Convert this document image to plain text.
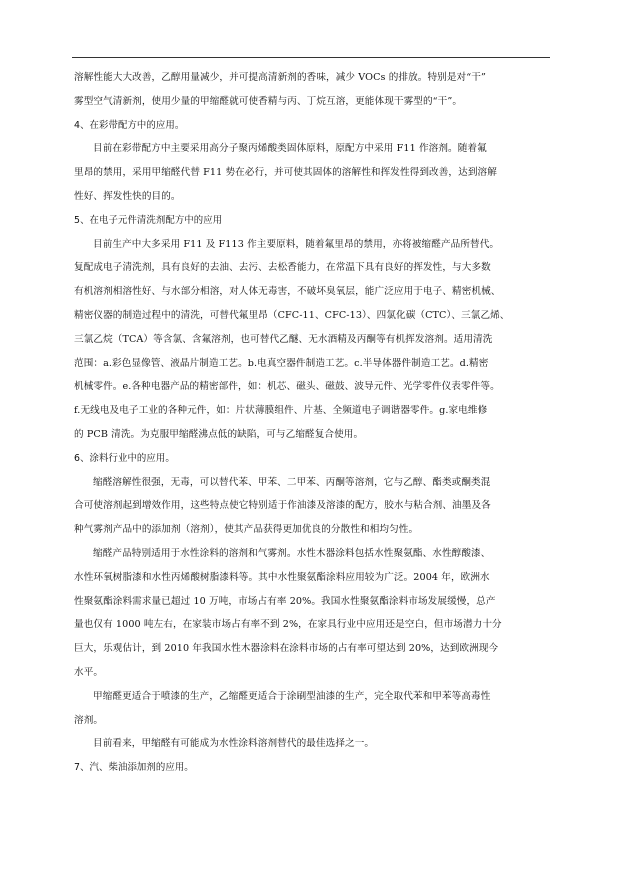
溶解性能大大改善，乙醇用量减少，并可提高清新剂的香味，减少 VOCs 的排放。特别是对“干”
雾型空气清新剂，使用少量的甲缩醛就可使香精与丙、丁烷互溶，更能体现干雾型的“干”。
4、在彩带配方中的应用。
目前在彩带配方中主要采用高分子聚丙烯酸类固体原料，原配方中采用 F11 作溶剂。随着氟
里昂的禁用，采用甲缩醛代替 F11 势在必行，并可使其固体的溶解性和挥发性得到改善，达到溶解
性好、挥发性快的目的。
5、在电子元件清洗剂配方中的应用
目前生产中大多采用 F11 及 F113 作主要原料，随着氟里昂的禁用，亦将被缩醛产品所替代。
复配成电子清洗剂，具有良好的去油、去污、去松香能力，在常温下具有良好的挥发性，与大多数
有机溶剂相溶性好、与水部分相溶，对人体无毒害，不破坏臭氧层，能广泛应用于电子、精密机械、
精密仪器的制造过程中的清洗，可替代氟里昂（CFC-11、CFC-13）、四氯化碳（CTC）、三氯乙烯、
三氯乙烷（TCA）等含氯、含氟溶剂，也可替代乙醚、无水酒精及丙酮等有机挥发溶剂。适用清洗
范围：a.彩色显像管、液晶片制造工艺。b.电真空器件制造工艺。c.半导体器件制造工艺。d.精密
机械零件。e.各种电器产品的精密部件，如：机芯、磁头、磁鼓、波导元件、光学零件仪表零件等。
f.无线电及电子工业的各种元件，如：片状薄膜组件、片基、全频道电子调谐器零件。g.家电维修
的 PCB 清洗。为克服甲缩醛沸点低的缺陷，可与乙缩醛复合使用。
6、涂料行业中的应用。
缩醛溶解性很强，无毒，可以替代苯、甲苯、二甲苯、丙酮等溶剂，它与乙醇、酯类或酮类混
合可使溶剂起到增效作用，这些特点使它特别适于作油漆及溶漆的配方，胶水与粘合剂、油墨及各
种气雾剂产品中的添加剂（溶剂），使其产品获得更加优良的分散性和相均匀性。
缩醛产品特别适用于水性涂料的溶剂和气雾剂。水性木器涂料包括水性聚氨酯、水性醇酸漆、
水性环氧树脂漆和水性丙烯酸树脂漆料等。其中水性聚氨酯涂料应用较为广泛。2004 年，欧洲水
性聚氨酯涂料需求量已超过 10 万吨，市场占有率 20%。我国水性聚氨酯涂料市场发展缓慢，总产
量也仅有 1000 吨左右，在家装市场占有率不到 2%，在家具行业中应用还是空白，但市场潜力十分
巨大，乐观估计，到 2010 年我国水性木器涂料在涂料市场的占有率可望达到 20%，达到欧洲现今
水平。
甲缩醛更适合于喷漆的生产，乙缩醛更适合于涂刷型油漆的生产，完全取代苯和甲苯等高毒性
溶剂。
目前看来，甲缩醛有可能成为水性涂料溶剂替代的最佳选择之一。
7、汽、柴油添加剂的应用。
